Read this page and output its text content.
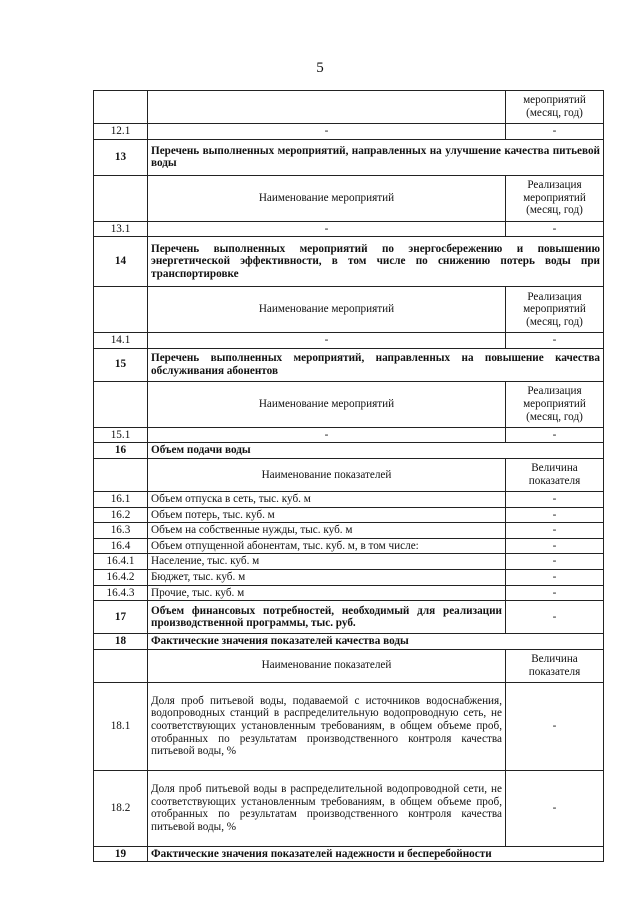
5
		мероприятий (месяц, год)
12.1	-	-
13	Перечень выполненных мероприятий, направленных на улучшение качества питьевой воды	
	Наименование мероприятий	Реализация мероприятий (месяц, год)
13.1	-	-
14	Перечень выполненных мероприятий по энергосбережению и повышению энергетической эффективности, в том числе по снижению потерь воды при транспортировке	
	Наименование мероприятий	Реализация мероприятий (месяц, год)
14.1	-	-
15	Перечень выполненных мероприятий, направленных на повышение качества обслуживания абонентов	
	Наименование мероприятий	Реализация мероприятий (месяц, год)
15.1	-	-
16	Объем подачи воды	
	Наименование показателей	Величина показателя
16.1	Объем отпуска в сеть, тыс. куб. м	-
16.2	Объем потерь, тыс. куб. м	-
16.3	Объем на собственные нужды, тыс. куб. м	-
16.4	Объем отпущенной абонентам, тыс. куб. м, в том числе:	-
16.4.1	Население, тыс. куб. м	-
16.4.2	Бюджет, тыс. куб. м	-
16.4.3	Прочие, тыс. куб. м	-
17	Объем финансовых потребностей, необходимый для реализации производственной программы, тыс. руб.	-
18	Фактические значения показателей качества воды	
	Наименование показателей	Величина показателя
18.1	Доля проб питьевой воды, подаваемой с источников водоснабжения, водопроводных станций в распределительную водопроводную сеть, не соответствующих установленным требованиям, в общем объеме проб, отобранных по результатам производственного контроля качества питьевой воды, %	-
18.2	Доля проб питьевой воды в распределительной водопроводной сети, не соответствующих установленным требованиям, в общем объеме проб, отобранных по результатам производственного контроля качества питьевой воды, %	-
19	Фактические значения показателей надежности и бесперебойности	
